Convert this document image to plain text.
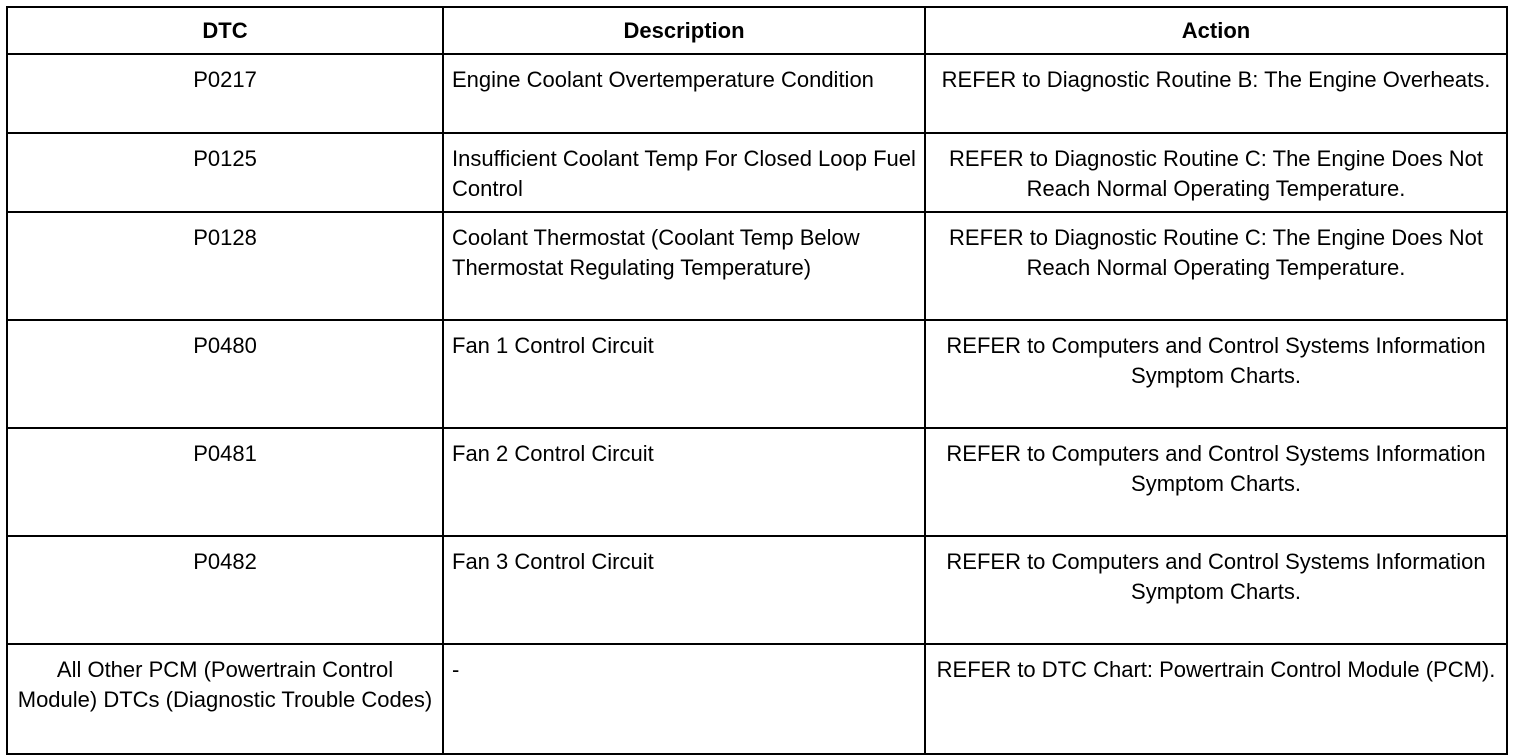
DTC	Description	Action
P0217	Engine Coolant Overtemperature Condition	REFER to Diagnostic Routine B: The Engine Overheats.
P0125	Insufficient Coolant Temp For Closed Loop Fuel Control	REFER to Diagnostic Routine C: The Engine Does Not Reach Normal Operating Temperature.
P0128	Coolant Thermostat (Coolant Temp Below Thermostat Regulating Temperature)	REFER to Diagnostic Routine C: The Engine Does Not Reach Normal Operating Temperature.
P0480	Fan 1 Control Circuit	REFER to Computers and Control Systems Information Symptom Charts.
P0481	Fan 2 Control Circuit	REFER to Computers and Control Systems Information Symptom Charts.
P0482	Fan 3 Control Circuit	REFER to Computers and Control Systems Information Symptom Charts.
All Other PCM (Powertrain Control Module) DTCs (Diagnostic Trouble Codes)	-	REFER to DTC Chart: Powertrain Control Module (PCM).
